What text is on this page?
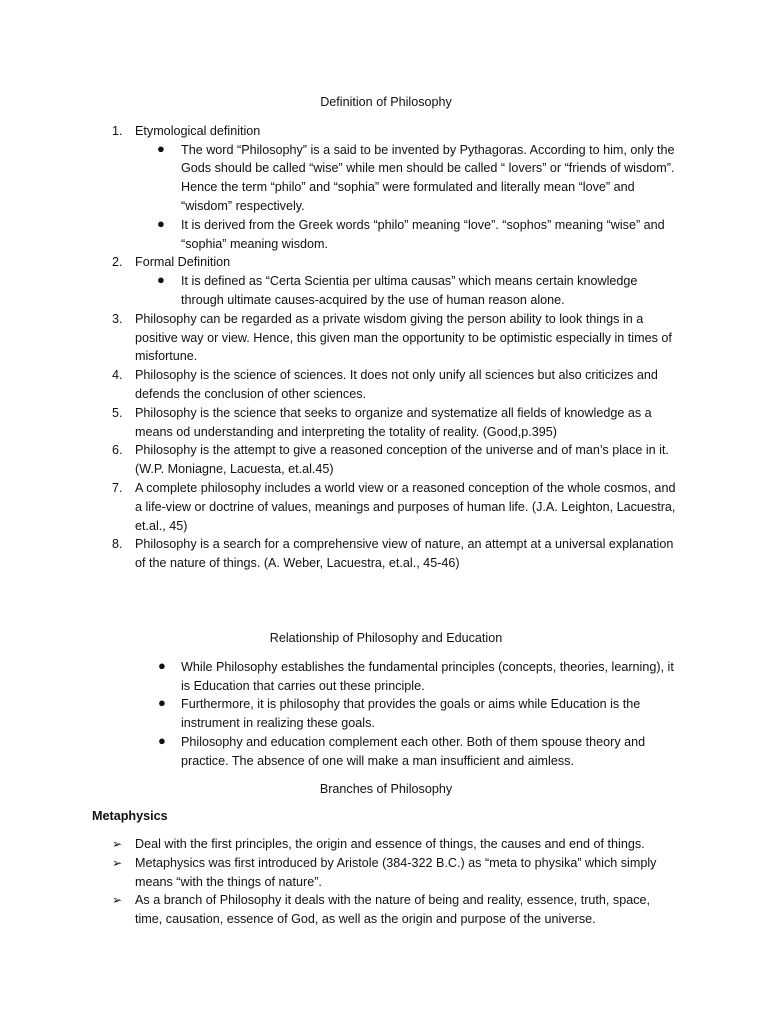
Definition of Philosophy
1. Etymological definition
● The word “Philosophy” is a said to be invented by Pythagoras. According to him, only the Gods should be called “wise” while men should be called “ lovers” or “friends of wisdom”. Hence the term “philo” and “sophia” were formulated and literally mean “love” and “wisdom” respectively.
● It is derived from the Greek words “philo” meaning “love”. “sophos” meaning “wise” and “sophia” meaning wisdom.
2. Formal Definition
● It is defined as “Certa Scientia per ultima causas” which means certain knowledge through ultimate causes-acquired by the use of human reason alone.
3. Philosophy can be regarded as a private wisdom giving the person ability to look things in a positive way or view. Hence, this given man the opportunity to be optimistic especially in times of misfortune.
4. Philosophy is the science of sciences. It does not only unify all sciences but also criticizes and defends the conclusion of other sciences.
5. Philosophy is the science that seeks to organize and systematize all fields of knowledge as a means od understanding and interpreting the totality of reality. (Good,p.395)
6. Philosophy is the attempt to give a reasoned conception of the universe and of man’s place in it. (W.P. Moniagne, Lacuesta, et.al.45)
7. A complete philosophy includes a world view or a reasoned conception of the whole cosmos, and a life-view or doctrine of values, meanings and purposes of human life. (J.A. Leighton, Lacuestra, et.al., 45)
8. Philosophy is a search for a comprehensive view of nature, an attempt at a universal explanation of the nature of things. (A. Weber, Lacuestra, et.al., 45-46)
Relationship of Philosophy and Education
● While Philosophy establishes the fundamental principles (concepts, theories, learning), it is Education that carries out these principle.
● Furthermore, it is philosophy that provides the goals or aims while Education is the instrument in realizing these goals.
● Philosophy and education complement each other. Both of them spouse theory and practice. The absence of one will make a man insufficient and aimless.
Branches of Philosophy
Metaphysics
➢ Deal with the first principles, the origin and essence of things, the causes and end of things.
➢ Metaphysics was first introduced by Aristole (384-322 B.C.) as “meta to physika” which simply means “with the things of nature”.
➢ As a branch of Philosophy it deals with the nature of being and reality, essence, truth, space, time, causation, essence of God, as well as the origin and purpose of the universe.
